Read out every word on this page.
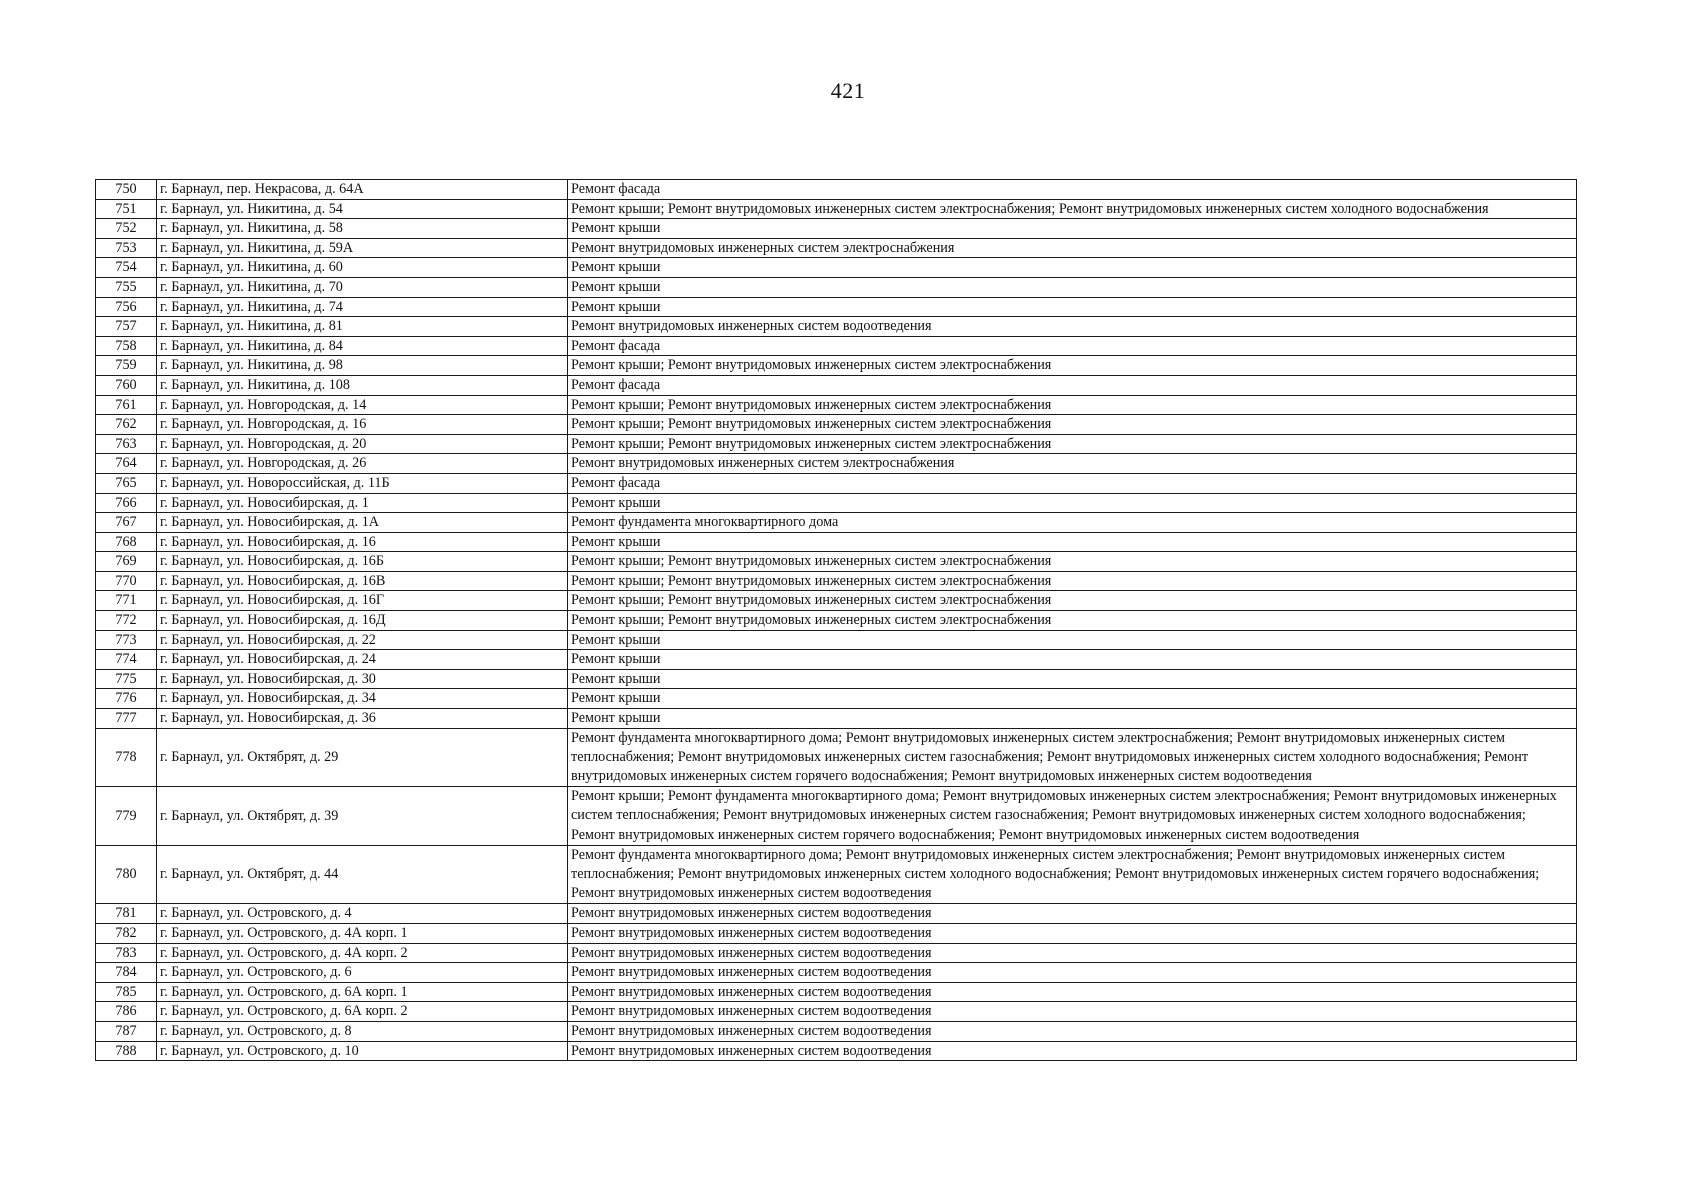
421
750	г. Барнаул, пер. Некрасова, д. 64А	Ремонт фасада
751	г. Барнаул, ул. Никитина, д. 54	Ремонт крыши; Ремонт внутридомовых инженерных систем электроснабжения; Ремонт внутридомовых инженерных систем холодного водоснабжения
752	г. Барнаул, ул. Никитина, д. 58	Ремонт крыши
753	г. Барнаул, ул. Никитина, д. 59А	Ремонт внутридомовых инженерных систем электроснабжения
754	г. Барнаул, ул. Никитина, д. 60	Ремонт крыши
755	г. Барнаул, ул. Никитина, д. 70	Ремонт крыши
756	г. Барнаул, ул. Никитина, д. 74	Ремонт крыши
757	г. Барнаул, ул. Никитина, д. 81	Ремонт внутридомовых инженерных систем водоотведения
758	г. Барнаул, ул. Никитина, д. 84	Ремонт фасада
759	г. Барнаул, ул. Никитина, д. 98	Ремонт крыши; Ремонт внутридомовых инженерных систем электроснабжения
760	г. Барнаул, ул. Никитина, д. 108	Ремонт фасада
761	г. Барнаул, ул. Новгородская, д. 14	Ремонт крыши; Ремонт внутридомовых инженерных систем электроснабжения
762	г. Барнаул, ул. Новгородская, д. 16	Ремонт крыши; Ремонт внутридомовых инженерных систем электроснабжения
763	г. Барнаул, ул. Новгородская, д. 20	Ремонт крыши; Ремонт внутридомовых инженерных систем электроснабжения
764	г. Барнаул, ул. Новгородская, д. 26	Ремонт внутридомовых инженерных систем электроснабжения
765	г. Барнаул, ул. Новороссийская, д. 11Б	Ремонт фасада
766	г. Барнаул, ул. Новосибирская, д. 1	Ремонт крыши
767	г. Барнаул, ул. Новосибирская, д. 1А	Ремонт фундамента многоквартирного дома
768	г. Барнаул, ул. Новосибирская, д. 16	Ремонт крыши
769	г. Барнаул, ул. Новосибирская, д. 16Б	Ремонт крыши; Ремонт внутридомовых инженерных систем электроснабжения
770	г. Барнаул, ул. Новосибирская, д. 16В	Ремонт крыши; Ремонт внутридомовых инженерных систем электроснабжения
771	г. Барнаул, ул. Новосибирская, д. 16Г	Ремонт крыши; Ремонт внутридомовых инженерных систем электроснабжения
772	г. Барнаул, ул. Новосибирская, д. 16Д	Ремонт крыши; Ремонт внутридомовых инженерных систем электроснабжения
773	г. Барнаул, ул. Новосибирская, д. 22	Ремонт крыши
774	г. Барнаул, ул. Новосибирская, д. 24	Ремонт крыши
775	г. Барнаул, ул. Новосибирская, д. 30	Ремонт крыши
776	г. Барнаул, ул. Новосибирская, д. 34	Ремонт крыши
777	г. Барнаул, ул. Новосибирская, д. 36	Ремонт крыши
778	г. Барнаул, ул. Октябрят, д. 29	Ремонт фундамента многоквартирного дома; Ремонт внутридомовых инженерных систем электроснабжения; Ремонт внутридомовых инженерных систем теплоснабжения; Ремонт внутридомовых инженерных систем газоснабжения; Ремонт внутридомовых инженерных систем холодного водоснабжения; Ремонт внутридомовых инженерных систем горячего водоснабжения; Ремонт внутридомовых инженерных систем водоотведения
779	г. Барнаул, ул. Октябрят, д. 39	Ремонт крыши; Ремонт фундамента многоквартирного дома; Ремонт внутридомовых инженерных систем электроснабжения; Ремонт внутридомовых инженерных систем теплоснабжения; Ремонт внутридомовых инженерных систем газоснабжения; Ремонт внутридомовых инженерных систем холодного водоснабжения; Ремонт внутридомовых инженерных систем горячего водоснабжения; Ремонт внутридомовых инженерных систем водоотведения
780	г. Барнаул, ул. Октябрят, д. 44	Ремонт фундамента многоквартирного дома; Ремонт внутридомовых инженерных систем электроснабжения; Ремонт внутридомовых инженерных систем теплоснабжения; Ремонт внутридомовых инженерных систем холодного водоснабжения; Ремонт внутридомовых инженерных систем горячего водоснабжения; Ремонт внутридомовых инженерных систем водоотведения
781	г. Барнаул, ул. Островского, д. 4	Ремонт внутридомовых инженерных систем водоотведения
782	г. Барнаул, ул. Островского, д. 4А корп. 1	Ремонт внутридомовых инженерных систем водоотведения
783	г. Барнаул, ул. Островского, д. 4А корп. 2	Ремонт внутридомовых инженерных систем водоотведения
784	г. Барнаул, ул. Островского, д. 6	Ремонт внутридомовых инженерных систем водоотведения
785	г. Барнаул, ул. Островского, д. 6А корп. 1	Ремонт внутридомовых инженерных систем водоотведения
786	г. Барнаул, ул. Островского, д. 6А корп. 2	Ремонт внутридомовых инженерных систем водоотведения
787	г. Барнаул, ул. Островского, д. 8	Ремонт внутридомовых инженерных систем водоотведения
788	г. Барнаул, ул. Островского, д. 10	Ремонт внутридомовых инженерных систем водоотведения
